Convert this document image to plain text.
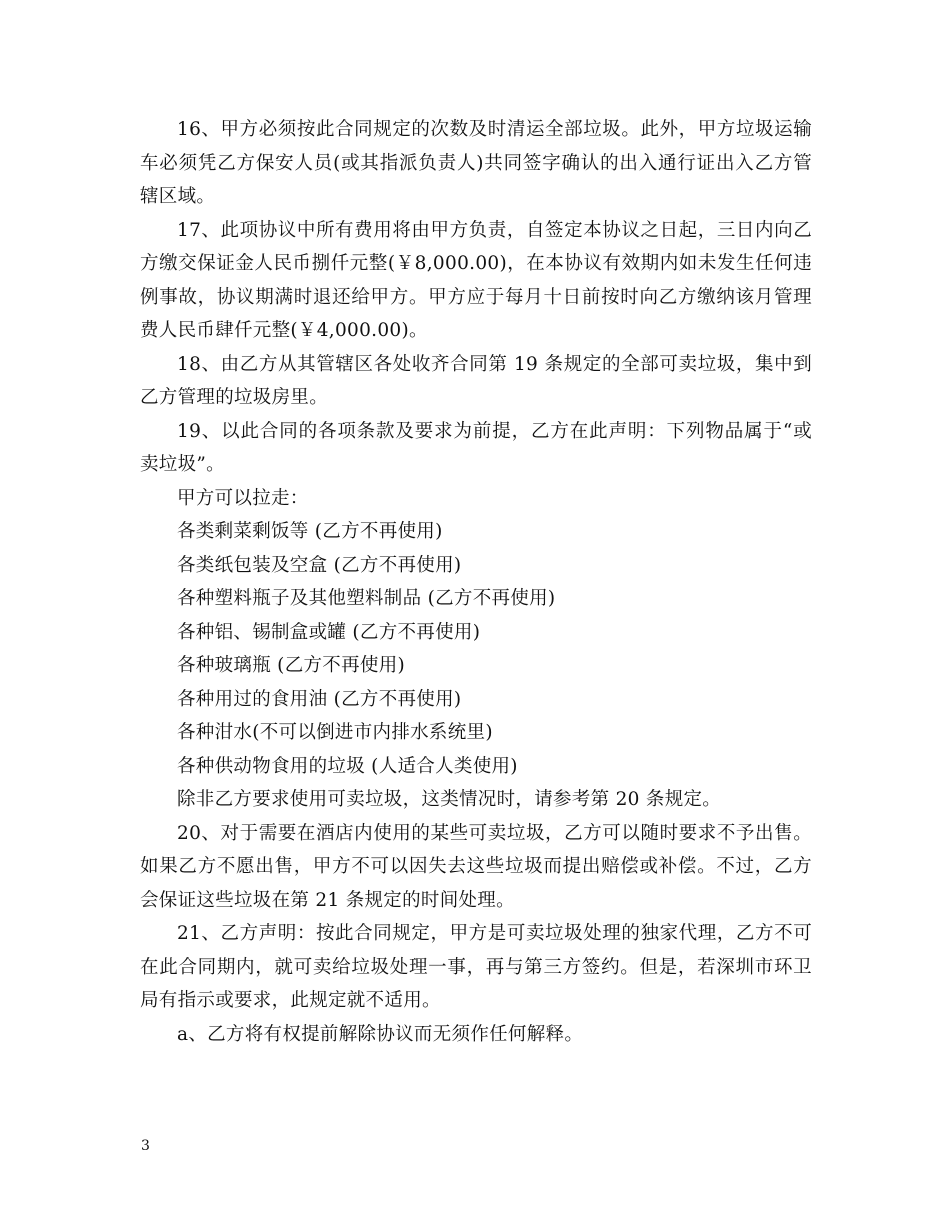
16、甲方必须按此合同规定的次数及时清运全部垃圾。此外，甲方垃圾运输车必须凭乙方保安人员(或其指派负责人)共同签字确认的出入通行证出入乙方管辖区域。

17、此项协议中所有费用将由甲方负责，自签定本协议之日起，三日内向乙方缴交保证金人民币捌仟元整(￥8,000.00)，在本协议有效期内如未发生任何违例事故，协议期满时退还给甲方。甲方应于每月十日前按时向乙方缴纳该月管理费人民币肆仟元整(￥4,000.00)。

18、由乙方从其管辖区各处收齐合同第 19 条规定的全部可卖垃圾，集中到乙方管理的垃圾房里。

19、以此合同的各项条款及要求为前提，乙方在此声明：下列物品属于“或卖垃圾”。

甲方可以拉走：

各类剩菜剩饭等 (乙方不再使用)

各类纸包装及空盒 (乙方不再使用)

各种塑料瓶子及其他塑料制品 (乙方不再使用)

各种铝、锡制盒或罐 (乙方不再使用)

各种玻璃瓶 (乙方不再使用)

各种用过的食用油 (乙方不再使用)

各种泔水(不可以倒进市内排水系统里)

各种供动物食用的垃圾 (人适合人类使用)

除非乙方要求使用可卖垃圾，这类情况时，请参考第 20 条规定。

20、对于需要在酒店内使用的某些可卖垃圾，乙方可以随时要求不予出售。如果乙方不愿出售，甲方不可以因失去这些垃圾而提出赔偿或补偿。不过，乙方会保证这些垃圾在第 21 条规定的时间处理。

21、乙方声明：按此合同规定，甲方是可卖垃圾处理的独家代理，乙方不可在此合同期内，就可卖给垃圾处理一事，再与第三方签约。但是，若深圳市环卫局有指示或要求，此规定就不适用。

a、乙方将有权提前解除协议而无须作任何解释。

3
